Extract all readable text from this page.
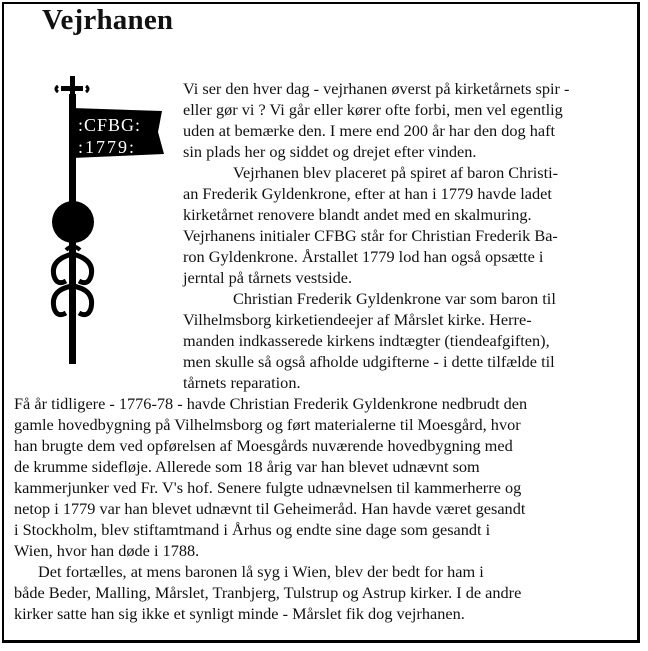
Vejrhanen
:CFBG:
:1779:
Vi ser den hver dag - vejrhanen øverst på kirketårnets spir -
eller gør vi ? Vi går eller kører ofte forbi, men vel egentlig
uden at bemærke den. I mere end 200 år har den dog haft
sin plads her og siddet og drejet efter vinden.
Vejrhanen blev placeret på spiret af baron Christi-
an Frederik Gyldenkrone, efter at han i 1779 havde ladet
kirketårnet renovere blandt andet med en skalmuring.
Vejrhanens initialer CFBG står for Christian Frederik Ba-
ron Gyldenkrone. Årstallet 1779 lod han også opsætte i
jerntal på tårnets vestside.
Christian Frederik Gyldenkrone var som baron til
Vilhelmsborg kirketiendeejer af Mårslet kirke. Herre-
manden indkasserede kirkens indtægter (tiendeafgiften),
men skulle så også afholde udgifterne - i dette tilfælde til
tårnets reparation.
Få år tidligere - 1776-78 - havde Christian Frederik Gyldenkrone nedbrudt den
gamle hovedbygning på Vilhelmsborg og ført materialerne til Moesgård, hvor
han brugte dem ved opførelsen af Moesgårds nuværende hovedbygning med
de krumme sidefløje. Allerede som 18 årig var han blevet udnævnt som
kammerjunker ved Fr. V's hof. Senere fulgte udnævnelsen til kammerherre og
netop i 1779 var han blevet udnævnt til Geheimeråd. Han havde været gesandt
i Stockholm, blev stiftamtmand i Århus og endte sine dage som gesandt i
Wien, hvor han døde i 1788.
Det fortælles, at mens baronen lå syg i Wien, blev der bedt for ham i
både Beder, Malling, Mårslet, Tranbjerg, Tulstrup og Astrup kirker. I de andre
kirker satte han sig ikke et synligt minde - Mårslet fik dog vejrhanen.
